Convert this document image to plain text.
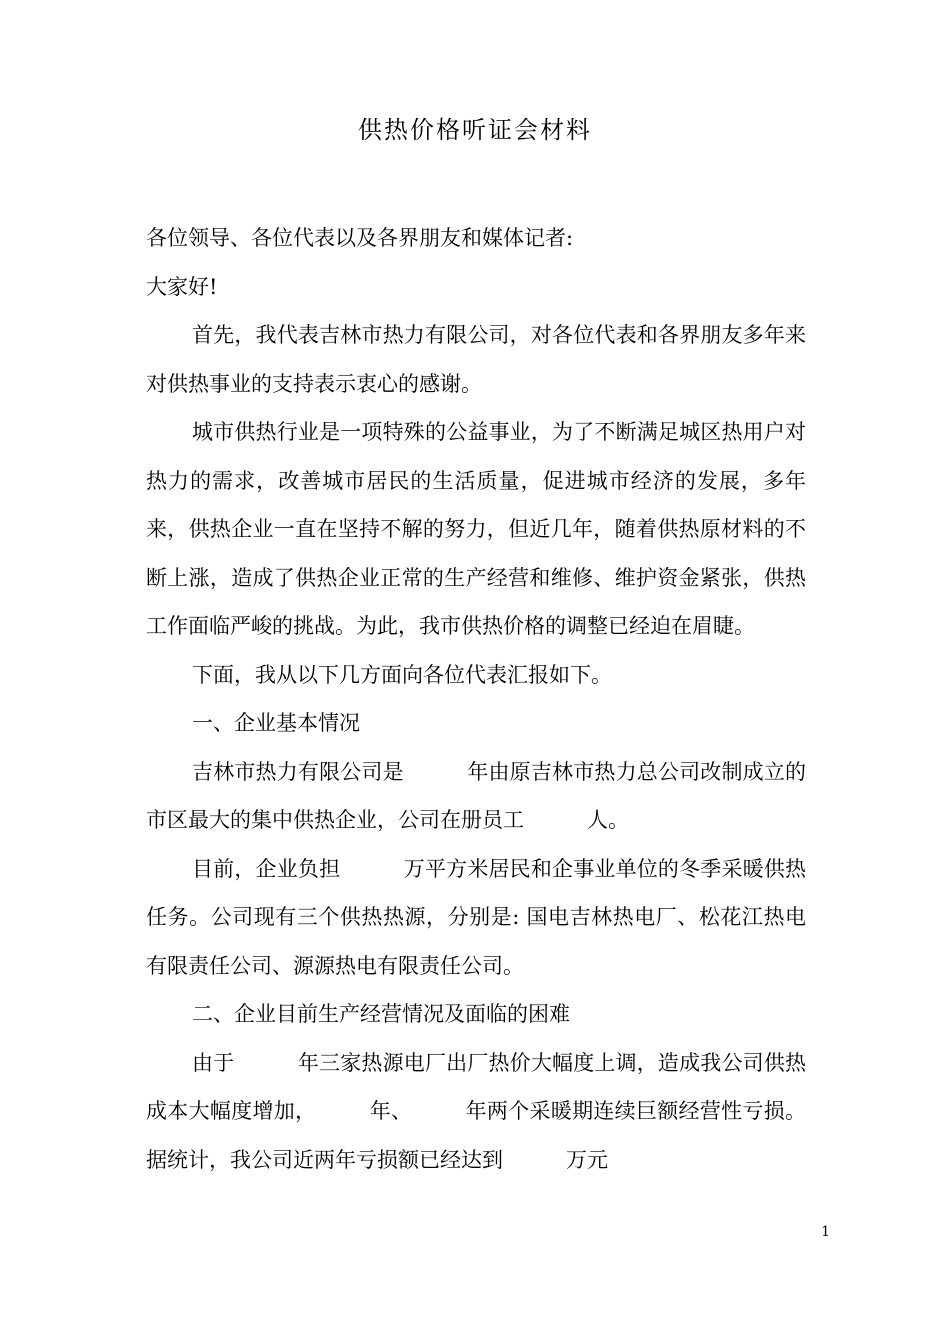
供热价格听证会材料

各位领导、各位代表以及各界朋友和媒体记者:

大家好!

首先，我代表吉林市热力有限公司，对各位代表和各界朋友多年来对供热事业的支持表示衷心的感谢。

城市供热行业是一项特殊的公益事业，为了不断满足城区热用户对热力的需求，改善城市居民的生活质量，促进城市经济的发展，多年来，供热企业一直在坚持不解的努力，但近几年，随着供热原材料的不断上涨，造成了供热企业正常的生产经营和维修、维护资金紧张，供热工作面临严峻的挑战。为此，我市供热价格的调整已经迫在眉睫。

下面，我从以下几方面向各位代表汇报如下。

一、企业基本情况

吉林市热力有限公司是　　　年由原吉林市热力总公司改制成立的市区最大的集中供热企业，公司在册员工　　　人。

目前，企业负担　　　万平方米居民和企事业单位的冬季采暖供热任务。公司现有三个供热热源，分别是: 国电吉林热电厂、松花江热电有限责任公司、源源热电有限责任公司。

二、企业目前生产经营情况及面临的困难

由于　　　年三家热源电厂出厂热价大幅度上调，造成我公司供热成本大幅度增加，　　　年、　　　年两个采暖期连续巨额经营性亏损。据统计，我公司近两年亏损额已经达到　　　万元

1
